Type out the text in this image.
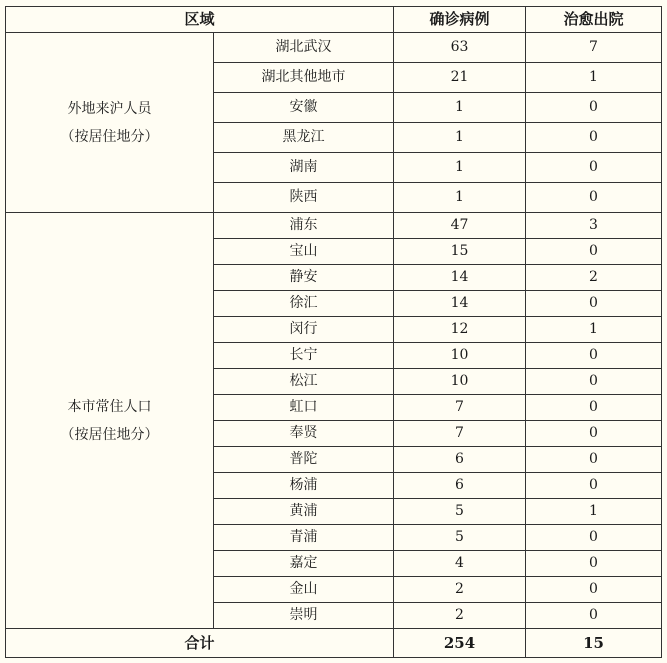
区域		确诊病例	治愈出院

外地来沪人员
（按居住地分）	湖北武汉	63	7
	湖北其他地市	21	1
	安徽	1	0
	黑龙江	1	0
	湖南	1	0
	陕西	1	0

本市常住人口
（按居住地分）	浦东	47	3
	宝山	15	0
	静安	14	2
	徐汇	14	0
	闵行	12	1
	长宁	10	0
	松江	10	0
	虹口	7	0
	奉贤	7	0
	普陀	6	0
	杨浦	6	0
	黄浦	5	1
	青浦	5	0
	嘉定	4	0
	金山	2	0
	崇明	2	0
合计		254	15
